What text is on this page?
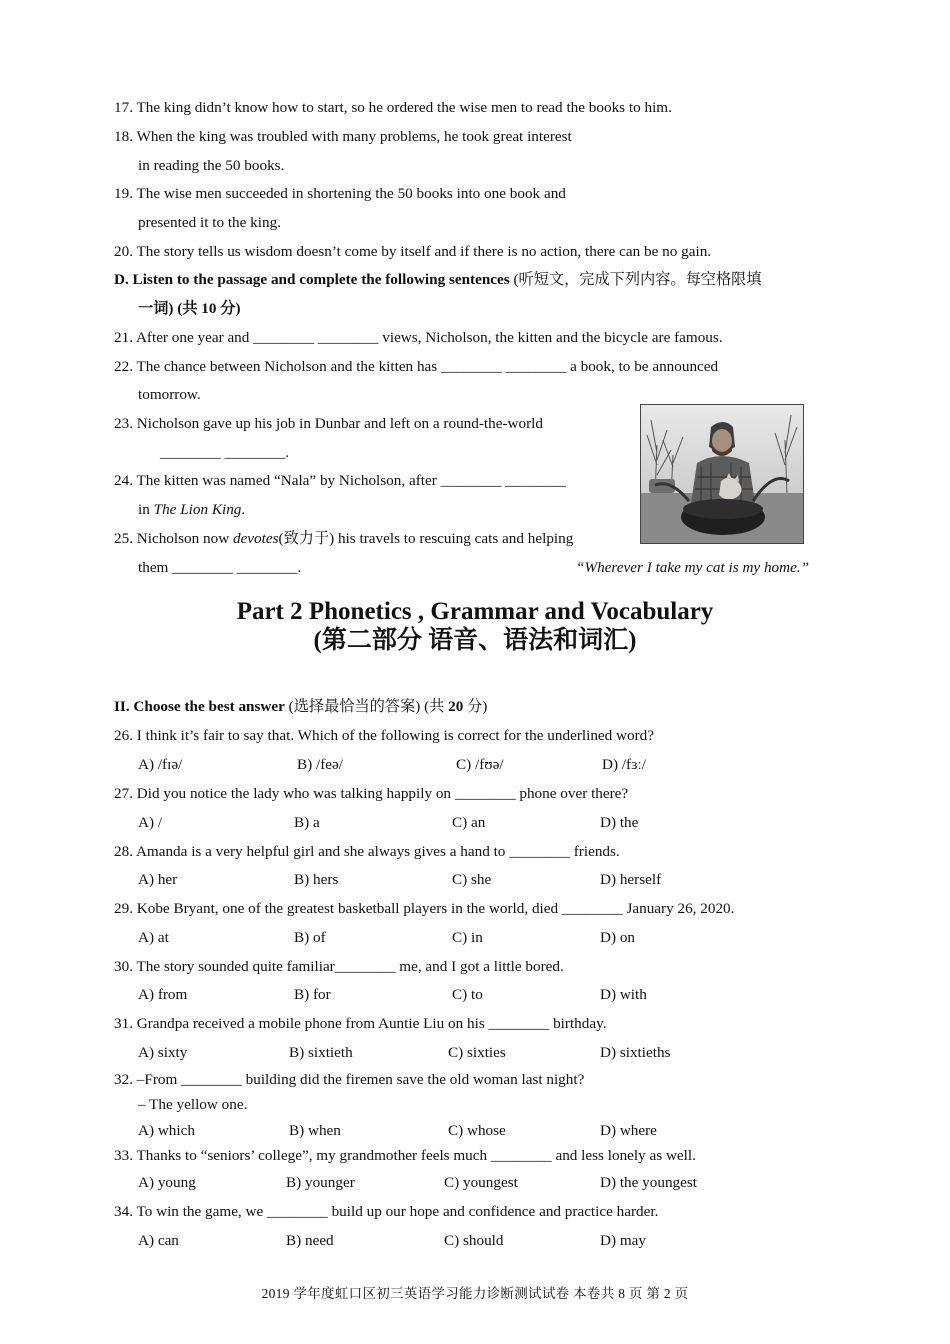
17. The king didn’t know how to start, so he ordered the wise men to read the books to him.
18. When the king was troubled with many problems, he took great interest
in reading the 50 books.
19. The wise men succeeded in shortening the 50 books into one book and
presented it to the king.
20. The story tells us wisdom doesn’t come by itself and if there is no action, there can be no gain.
D. Listen to the passage and complete the following sentences (听短文，完成下列内容。每空格限填
一词) (共 10 分)
21. After one year and ________ ________ views, Nicholson, the kitten and the bicycle are famous.
22. The chance between Nicholson and the kitten has ________ ________ a book, to be announced
tomorrow.
23. Nicholson gave up his job in Dunbar and left on a round-the-world
________ ________.
24. The kitten was named “Nala” by Nicholson, after ________ ________
in The Lion King.
25. Nicholson now devotes(致力于) his travels to rescuing cats and helping
them ________ ________.	“Wherever I take my cat is my home.”
Part 2 Phonetics , Grammar and Vocabulary
(第二部分 语音、语法和词汇)
II. Choose the best answer (选择最恰当的答案) (共 20 分)
26. I think it’s fair to say that. Which of the following is correct for the underlined word?
A) /fɪə/	B) /feə/	C) /fʊə/	D) /fɜː/
27. Did you notice the lady who was talking happily on ________ phone over there?
A) /	B) a	C) an	D) the
28. Amanda is a very helpful girl and she always gives a hand to ________ friends.
A) her	B) hers	C) she	D) herself
29. Kobe Bryant, one of the greatest basketball players in the world, died ________ January 26, 2020.
A) at	B) of	C) in	D) on
30. The story sounded quite familiar________ me, and I got a little bored.
A) from	B) for	C) to	D) with
31. Grandpa received a mobile phone from Auntie Liu on his ________ birthday.
A) sixty	B) sixtieth	C) sixties	D) sixtieths
32. –From ________ building did the firemen save the old woman last night?
– The yellow one.
A) which	B) when	C) whose	D) where
33. Thanks to “seniors’ college”, my grandmother feels much ________ and less lonely as well.
A) young	B) younger	C) youngest	D) the youngest
34. To win the game, we ________ build up our hope and confidence and practice harder.
A) can	B) need	C) should	D) may
2019 学年度虹口区初三英语学习能力诊断测试试卷 本卷共 8 页 第 2 页
